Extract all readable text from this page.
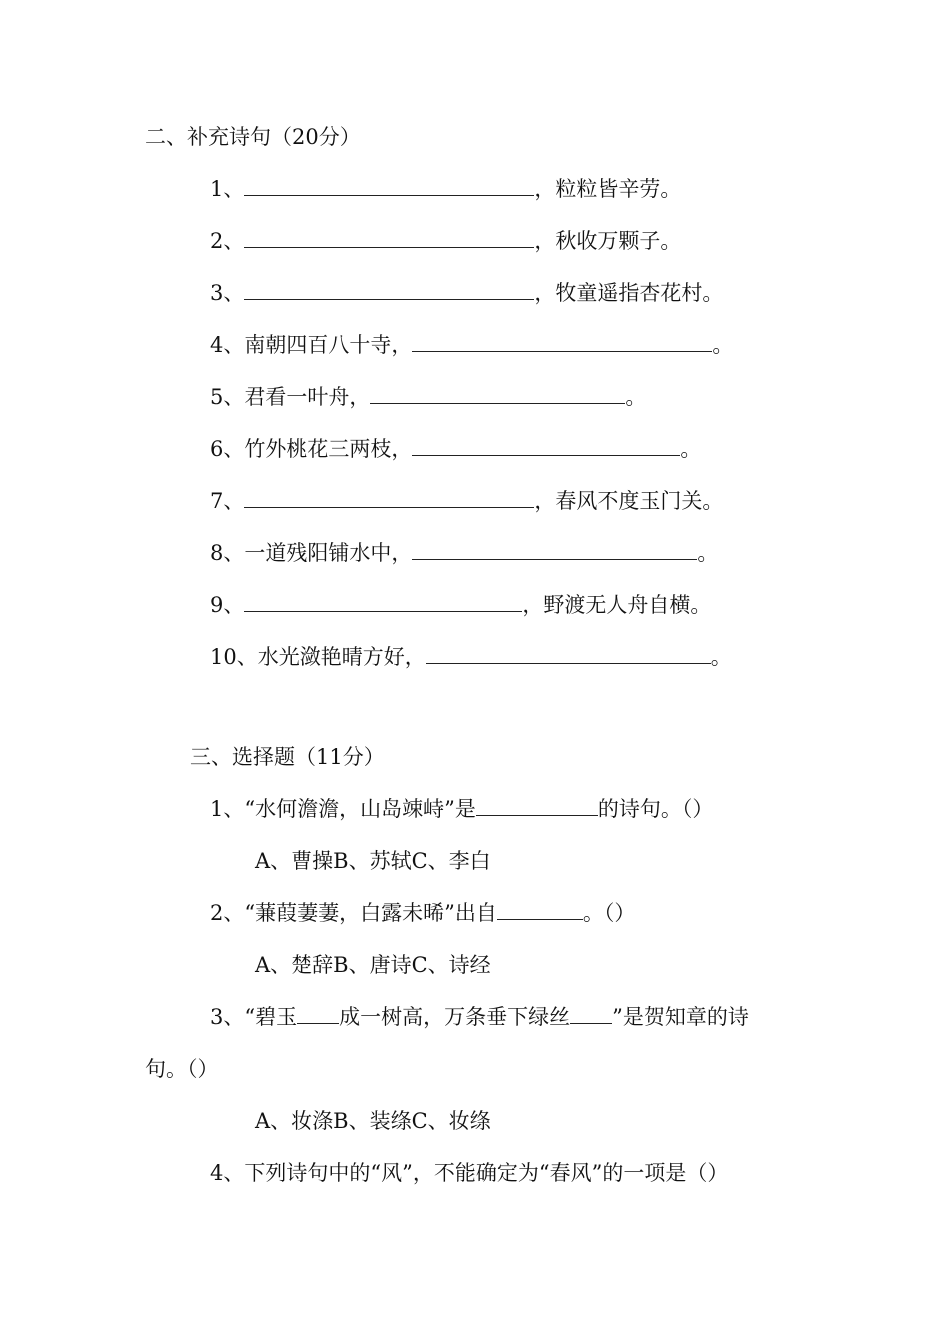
二、补充诗句（20分）
1、	，粒粒皆辛劳。
2、	，秋收万颗子。
3、	，牧童遥指杏花村。
4、南朝四百八十寺，	。
5、君看一叶舟，	。
6、竹外桃花三两枝，	。
7、	，春风不度玉门关。
8、一道残阳铺水中，	。
9、	，野渡无人舟自横。
10、水光潋艳晴方好，	。
三、选择题（11分）
1、“水何澹澹，山岛竦峙”是	的诗句。（）
A、曹操B、苏轼C、李白
2、“蒹葭萋萋，白露未晞”出自	。（）
A、楚辞B、唐诗C、诗经
3、“碧玉 成一树高，万条垂下绿丝 ”是贺知章的诗
句。（）
A、妆涤B、装绦C、妆绦
4、下列诗句中的“风”，不能确定为“春风”的一项是（）
